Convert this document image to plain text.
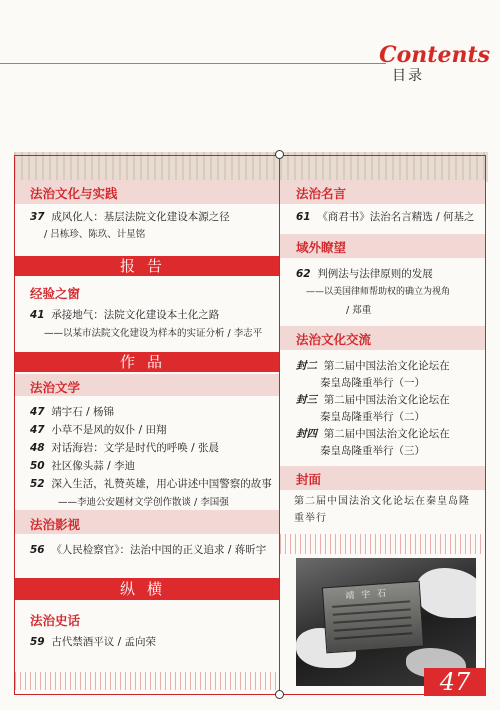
Contents
目录
法治文化与实践
37 成风化人：基层法院文化建设本源之径
/ 吕栋珍、陈玖、计星铭
报告
经验之窗
41 承接地气：法院文化建设本土化之路
——以某市法院文化建设为样本的实证分析 / 李志平
作品
法治文学
47 靖宇石 / 杨锦
47 小草不是风的奴仆 / 田翔
48 对话海岩：文学是时代的呼唤 / 张晨
50 社区像头蒜 / 李迪
52 深入生活，礼赞英雄，用心讲述中国警察的故事
——李迪公安题材文学创作散谈 / 李国强
法治影视
56 《人民检察官》：法治中国的正义追求 / 蒋昕宇
纵横
法治史话
59 古代禁酒平议 / 孟向荣
法治名言
61 《商君书》法治名言精选 / 何基之
域外瞭望
62 判例法与法律原则的发展
——以美国律师帮助权的确立为视角
/ 郑重
法治文化交流
封二 第二届中国法治文化论坛在
秦皇岛隆重举行（一）
封三 第二届中国法治文化论坛在
秦皇岛隆重举行（二）
封四 第二届中国法治文化论坛在
秦皇岛隆重举行（三）
封面
第二届中国法治文化论坛在秦皇岛隆重举行
靖 宇 石
47
